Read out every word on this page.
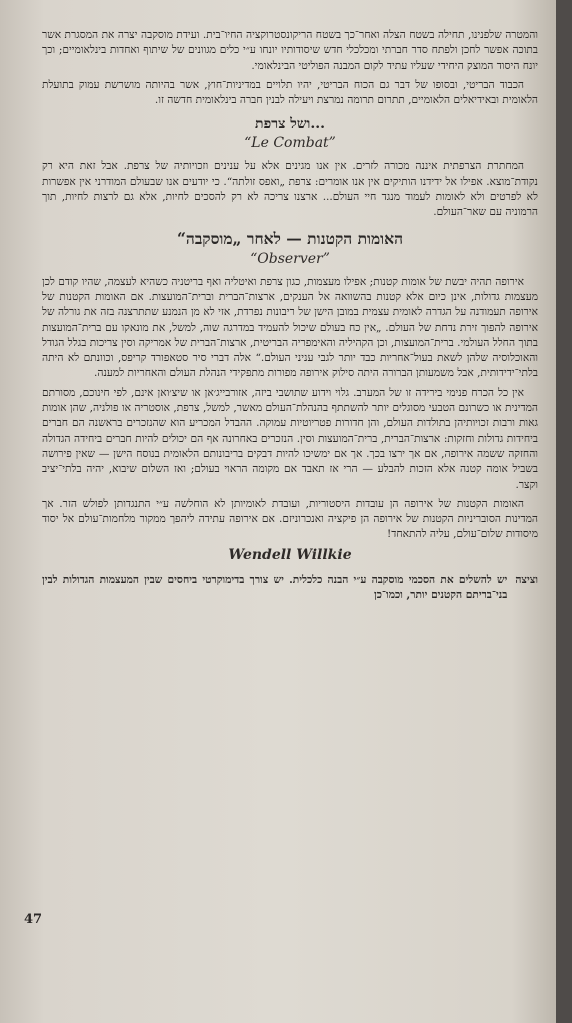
והמטרה שלפנינו, תחילה בשטח הצלה ואחר־כך בשטח הריקונסטרוקציה החיו־בית. ועידת מוסקבה יצרה את המסגרת אשר בתוכה אפשר לחכן ולפתח סדר חברתי ומכלכלי חדש שיסודותיו יונחו ע״י כלים מגוונים של שיתוף ואחדות בינלאומיים; וכך יונח היסוד המוצק היחידי שעליו עתיד לקום המבנה הפוליטי הבינלאומי.

הכבוד הבריטי, ובסופו של דבר גם הכוח הבריטי, יהיו תלויים במדיניות־חוץ, אשר בהיותה מושרשת עמוק בתועלת הלאומית ובאידיאלים הלאומיים, תתרום תרומה נמרצת ויעילה לבנין חברה בינלאומית חדשה זו.

...ושל צרפת
“Le Combat”

המחתרת הצרפתית איננה מכורה לזרים. אין אנו מגינים אלא על ענינים וזכויותיה של צרפת. אבל זאת היא רק נקודת־מוצא. אפילו אל ידידנו הותיקים אין אנו אומרים: צרפת „ואפס זולתה“. כי יודעים אנו שבעולם המודרני אין אפשרות לא לפרטים ולא לאומות לעמוד מנגד חיי העולם... ארצנו צריכה לא רק להסכים לחיות, אלא גם לרצות לחיות, תוך הרמוניה עם שאר־העולם.

האומות הקטנות — לאחר „מוסקבה“
“Observer”

אירופה תהיה יבשת של אומות קטנות; אפילו מעצמות, כגון צרפת ואיטליה ואף בריטניה כשהיא לעצמה, שהיו קודם לכן מעצמות גדולות, אינן כיום אלא קטנות בהשוואה אל הענקים, ארצות־הברית וברית־המועצות. אם האומות הקטנות של אירופה תעמודנה על הגדרה לאומית עצמית במובן הישן של ריבונות נפרדת, אזי לא מן הנמנע שתתרצנה בזה את גורלה של אירופה להפוך זירת נדחת של העולם. „אין כח בעולם שיכול להעמיד במדרגה שוה, למשל, את מונאקו עם ברית־המועצות בתוך החלל העולמי. ברית־המועצות, וכן הקהיליה והאימפריה הבריטית, ארצות־הברית של אמריקה וסין צריכות בגלל הגודל והאוכלוסיה שלהן לשאת בעול־אחריות כבד יותר לגבי עניני העולם.“ אלה דברי סיר סטאפורד קריפס, וכוונתם לא היתה בלתי־ידידותית, אבל משמעותן הברורה היתה סילוק אירופה מפורות מתפקידי הנהלת העולם והאחריות למענה.

אין כל הכרח פנימי בירידה זו של המערב. גלוי וידוע שתושבי ביזה, אזורבייג׳אן או שיצ׳ואן אינם, לפי חינוכם, מסורתם המדינית או כשרונם הטבעי מסוגלים יותר להשתתף בהנהלת־העולם מאשר, למשל, צרפת, אוסטריה או פולניה, שהן אומות גאות ורבות זכויותיהן בתולדות העולם, והן חדורות פטריוטיות עמוקה. ההבדל המכריע הוא שהנזכרים בראשנה הם חברים ביחידות גדולות וחזקות: ארצות־הברית, ברית־המועצות וסין. הנזכרים באחרונה אף הם יכולים להיות חברים ביחידה הגדולה והחזקה ששמה אירופה, אם אך ירצו בכך. אך אם ימשיכו להיות דבקים בריבונותם הלאומית בנוסח הישן — שאין פירושה בשביל אומה קטנה אלא הזכות להבלע — הרי אז תאבד אם מקומה הראוי בעולם; ואז השלום שיבוא, יהיה בלתי־יציב וקצר.

האומות הקטנות של אירופה הן עובדות היסטוריות, ועובדת לאומיותן לא הוחלשה ע״י התנגדותן לפולש הזר. אך המדינות הסובריניות הקטנות של אירופה הן פיקציה ואנכרוניזם. אם אירופה עתידה ליהפך ממקור מלחמות־עולם אל יסוד מיסודות שלום־עולם, עליה להתאחד!

Wendell Willkie
וציצה
יש להשלים את הסכמי מוסקבה ע״י הבנה כלכלית. יש צורך בדימוקרטי ביחסים שבין המעצמות הגדולות לבין בני־בריתם הקטנים יותר, וכמו־כן
47
